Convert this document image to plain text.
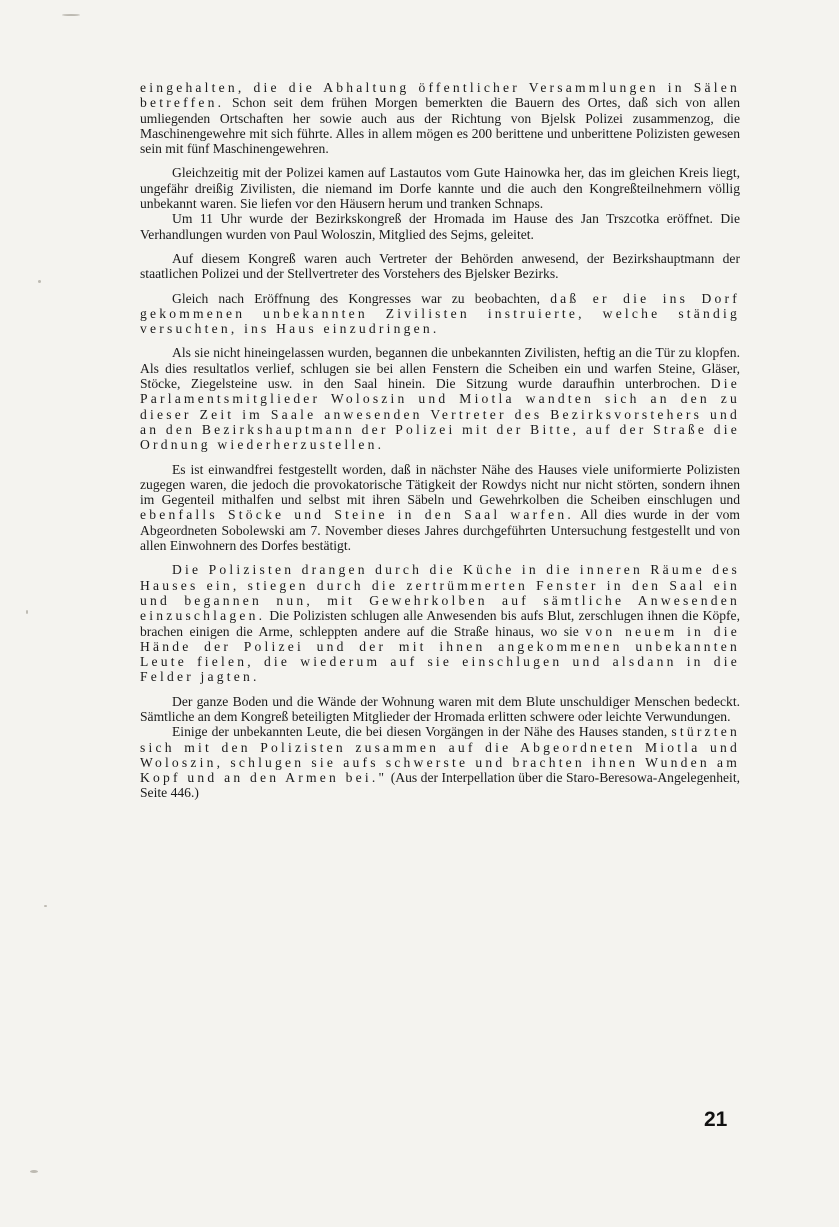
eingehalten, die die Abhaltung öffentlicher Versammlungen in Sälen betreffen. Schon seit dem frühen Morgen bemerkten die Bauern des Ortes, daß sich von allen umliegenden Ortschaften her sowie auch aus der Richtung von Bjelsk Polizei zusammenzog, die Maschinengewehre mit sich führte. Alles in allem mögen es 200 berittene und unberittene Polizisten gewesen sein mit fünf Maschinengewehren.

Gleichzeitig mit der Polizei kamen auf Lastautos vom Gute Hainowka her, das im gleichen Kreis liegt, ungefähr dreißig Zivilisten, die niemand im Dorfe kannte und die auch den Kongreßteilnehmern völlig unbekannt waren. Sie liefen vor den Häusern herum und tranken Schnaps.

Um 11 Uhr wurde der Bezirkskongreß der Hromada im Hause des Jan Trszcotka eröffnet. Die Verhandlungen wurden von Paul Woloszin, Mitglied des Sejms, geleitet.

Auf diesem Kongreß waren auch Vertreter der Behörden anwesend, der Bezirkshauptmann der staatlichen Polizei und der Stellvertreter des Vorstehers des Bjelsker Bezirks.

Gleich nach Eröffnung des Kongresses war zu beobachten, daß er die ins Dorf gekommenen unbekannten Zivilisten instruierte, welche ständig versuchten, ins Haus einzudringen.

Als sie nicht hineingelassen wurden, begannen die unbekannten Zivilisten, heftig an die Tür zu klopfen. Als dies resultatlos verlief, schlugen sie bei allen Fenstern die Scheiben ein und warfen Steine, Gläser, Stöcke, Ziegelsteine usw. in den Saal hinein. Die Sitzung wurde daraufhin unterbrochen. Die Parlamentsmitglieder Woloszin und Miotla wandten sich an den zu dieser Zeit im Saale anwesenden Vertreter des Bezirksvorstehers und an den Bezirkshauptmann der Polizei mit der Bitte, auf der Straße die Ordnung wiederherzustellen.

Es ist einwandfrei festgestellt worden, daß in nächster Nähe des Hauses viele uniformierte Polizisten zugegen waren, die jedoch die provokatorische Tätigkeit der Rowdys nicht nur nicht störten, sondern ihnen im Gegenteil mithalfen und selbst mit ihren Säbeln und Gewehrkolben die Scheiben einschlugen und ebenfalls Stöcke und Steine in den Saal warfen. All dies wurde in der vom Abgeordneten Sobolewski am 7. November dieses Jahres durchgeführten Untersuchung festgestellt und von allen Einwohnern des Dorfes bestätigt.

Die Polizisten drangen durch die Küche in die inneren Räume des Hauses ein, stiegen durch die zertrümmerten Fenster in den Saal ein und begannen nun, mit Gewehrkolben auf sämtliche Anwesenden einzuschlagen. Die Polizisten schlugen alle Anwesenden bis aufs Blut, zerschlugen ihnen die Köpfe, brachen einigen die Arme, schleppten andere auf die Straße hinaus, wo sie von neuem in die Hände der Polizei und der mit ihnen angekommenen unbekannten Leute fielen, die wiederum auf sie einschlugen und alsdann in die Felder jagten.

Der ganze Boden und die Wände der Wohnung waren mit dem Blute unschuldiger Menschen bedeckt. Sämtliche an dem Kongreß beteiligten Mitglieder der Hromada erlitten schwere oder leichte Verwundungen.

Einige der unbekannten Leute, die bei diesen Vorgängen in der Nähe des Hauses standen, stürzten sich mit den Polizisten zusammen auf die Abgeordneten Miotla und Woloszin, schlugen sie aufs schwerste und brachten ihnen Wunden am Kopf und an den Armen bei." (Aus der Interpellation über die Staro-Beresowa-Angelegenheit, Seite 446.)

21
